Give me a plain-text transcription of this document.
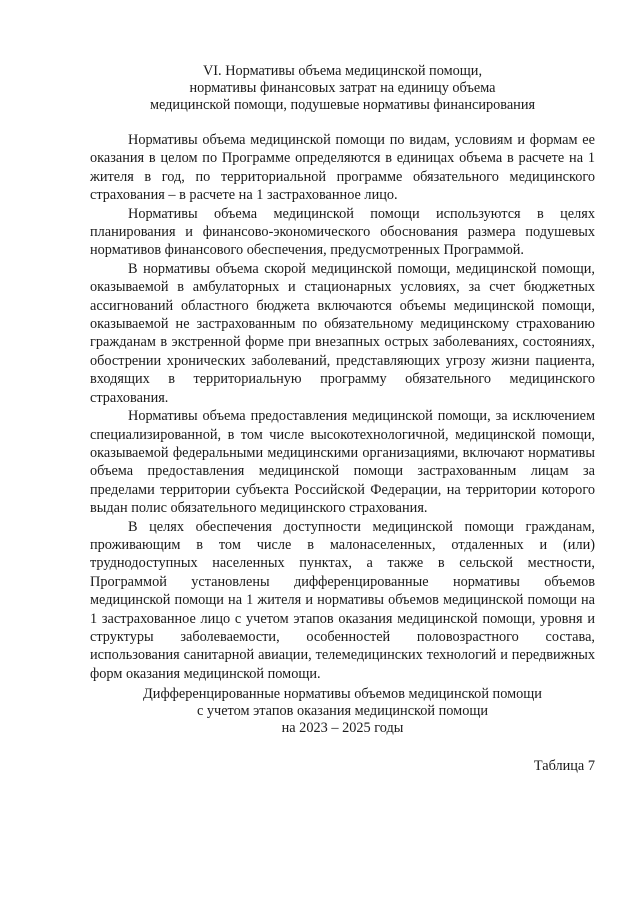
VI. Нормативы объема медицинской помощи,
нормативы финансовых затрат на единицу объема
медицинской помощи, подушевые нормативы финансирования

Нормативы объема медицинской помощи по видам, условиям и формам ее оказания в целом по Программе определяются в единицах объема в расчете на 1 жителя в год, по территориальной программе обязательного медицинского страхования – в расчете на 1 застрахованное лицо.

Нормативы объема медицинской помощи используются в целях планирования и финансово-экономического обоснования размера подушевых нормативов финансового обеспечения, предусмотренных Программой.

В нормативы объема скорой медицинской помощи, медицинской помощи, оказываемой в амбулаторных и стационарных условиях, за счет бюджетных ассигнований областного бюджета включаются объемы медицинской помощи, оказываемой не застрахованным по обязательному медицинскому страхованию гражданам в экстренной форме при внезапных острых заболеваниях, состояниях, обострении хронических заболеваний, представляющих угрозу жизни пациента, входящих в территориальную программу обязательного медицинского страхования.

Нормативы объема предоставления медицинской помощи, за исключением специализированной, в том числе высокотехнологичной, медицинской помощи, оказываемой федеральными медицинскими организациями, включают нормативы объема предоставления медицинской помощи застрахованным лицам за пределами территории субъекта Российской Федерации, на территории которого выдан полис обязательного медицинского страхования.

В целях обеспечения доступности медицинской помощи гражданам, проживающим в том числе в малонаселенных, отдаленных и (или) труднодоступных населенных пунктах, а также в сельской местности, Программой установлены дифференцированные нормативы объемов медицинской помощи на 1 жителя и нормативы объемов медицинской помощи на 1 застрахованное лицо с учетом этапов оказания медицинской помощи, уровня и структуры заболеваемости, особенностей половозрастного состава, использования санитарной авиации, телемедицинских технологий и передвижных форм оказания медицинской помощи.

Дифференцированные нормативы объемов медицинской помощи
с учетом этапов оказания медицинской помощи
на 2023 – 2025 годы
Таблица 7
